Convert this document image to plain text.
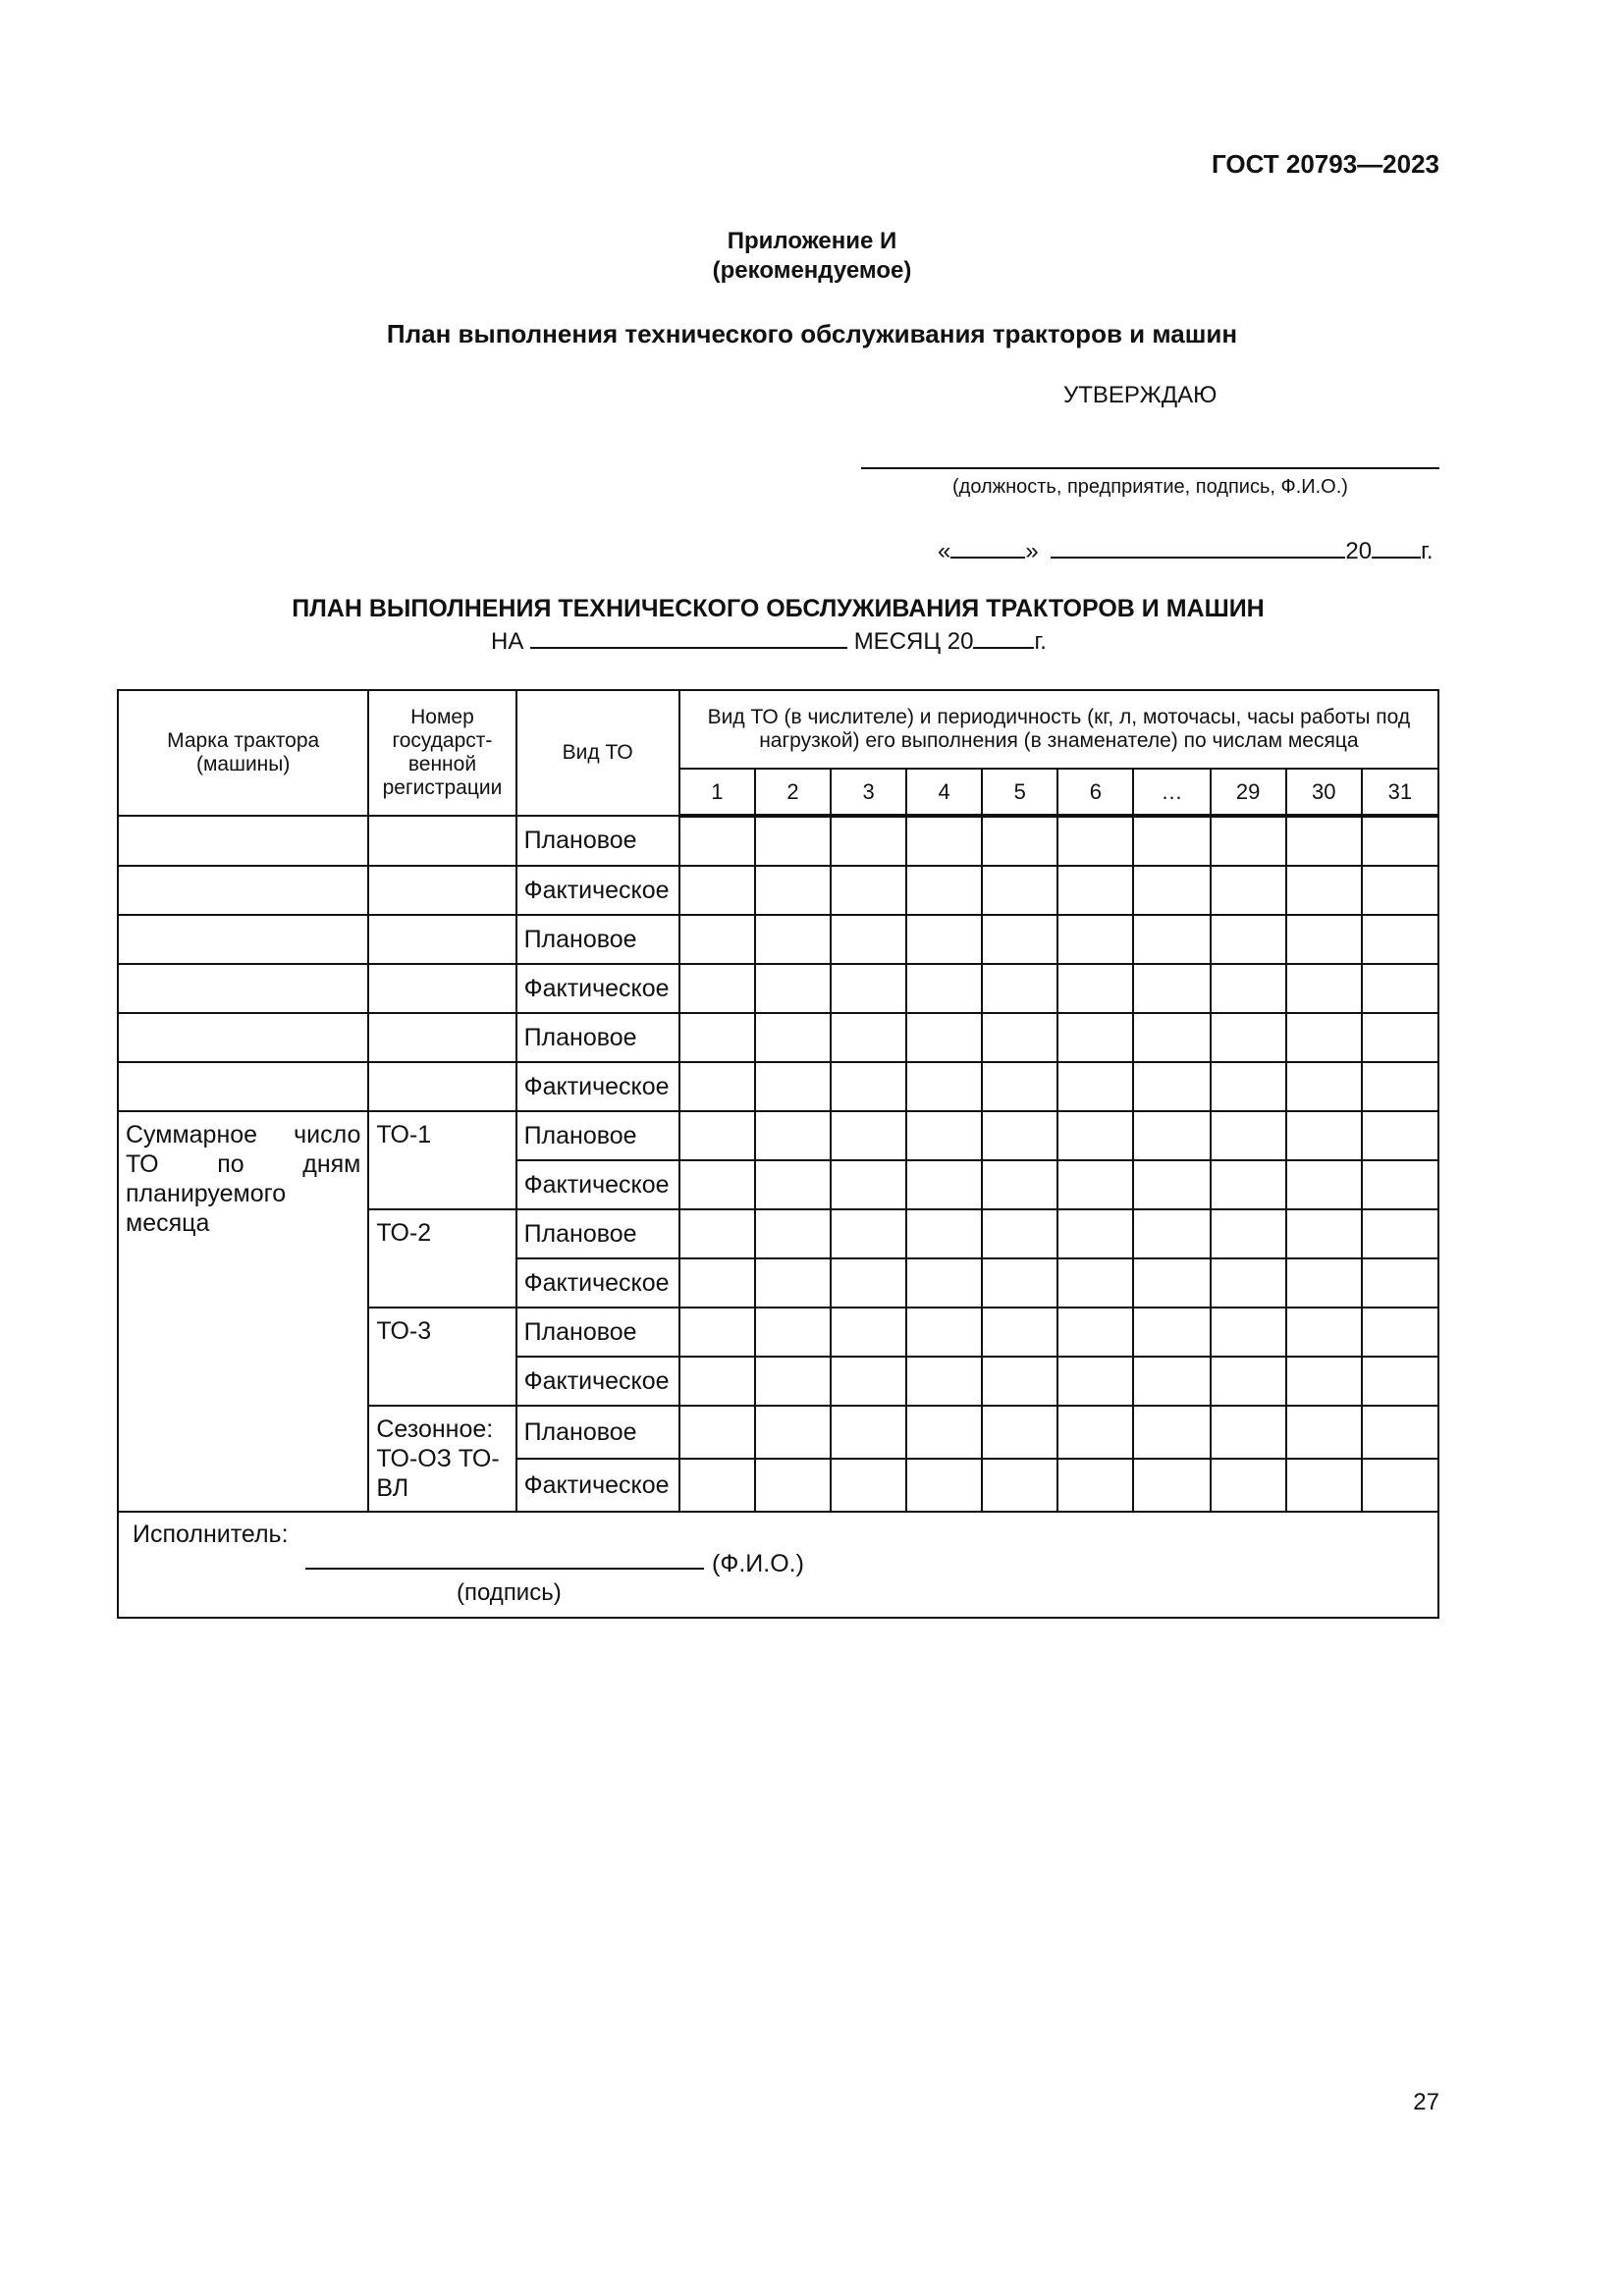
ГОСТ 20793—2023
Приложение И
(рекомендуемое)
План выполнения технического обслуживания тракторов и машин
УТВЕРЖДАЮ
(должность, предприятие, подпись, Ф.И.О.)
«	»	20 г.
ПЛАН ВЫПОЛНЕНИЯ ТЕХНИЧЕСКОГО ОБСЛУЖИВАНИЯ ТРАКТОРОВ И МАШИН
НА	МЕСЯЦ 20	г.
Марка трактора (машины)	Номер государст-венной регистрации	Вид ТО	Вид ТО (в числителе) и периодичность (кг, л, моточасы, часы работы под нагрузкой) его выполнения (в знаменателе) по числам месяца									
			1	2	3	4	5	6	…	29	30	31
		Плановое										
		Фактическое										
		Плановое										
		Фактическое										
		Плановое										
		Фактическое										
Суммарное число ТО по дням планируемого месяца	ТО-1	Плановое										
		Фактическое										
	ТО-2	Плановое										
		Фактическое										
	ТО-3	Плановое										
		Фактическое										
	Сезонное: ТО-ОЗ ТО-ВЛ	Плановое										
		Фактическое										

Исполнитель:
(Ф.И.О.)
(подпись)												
27
